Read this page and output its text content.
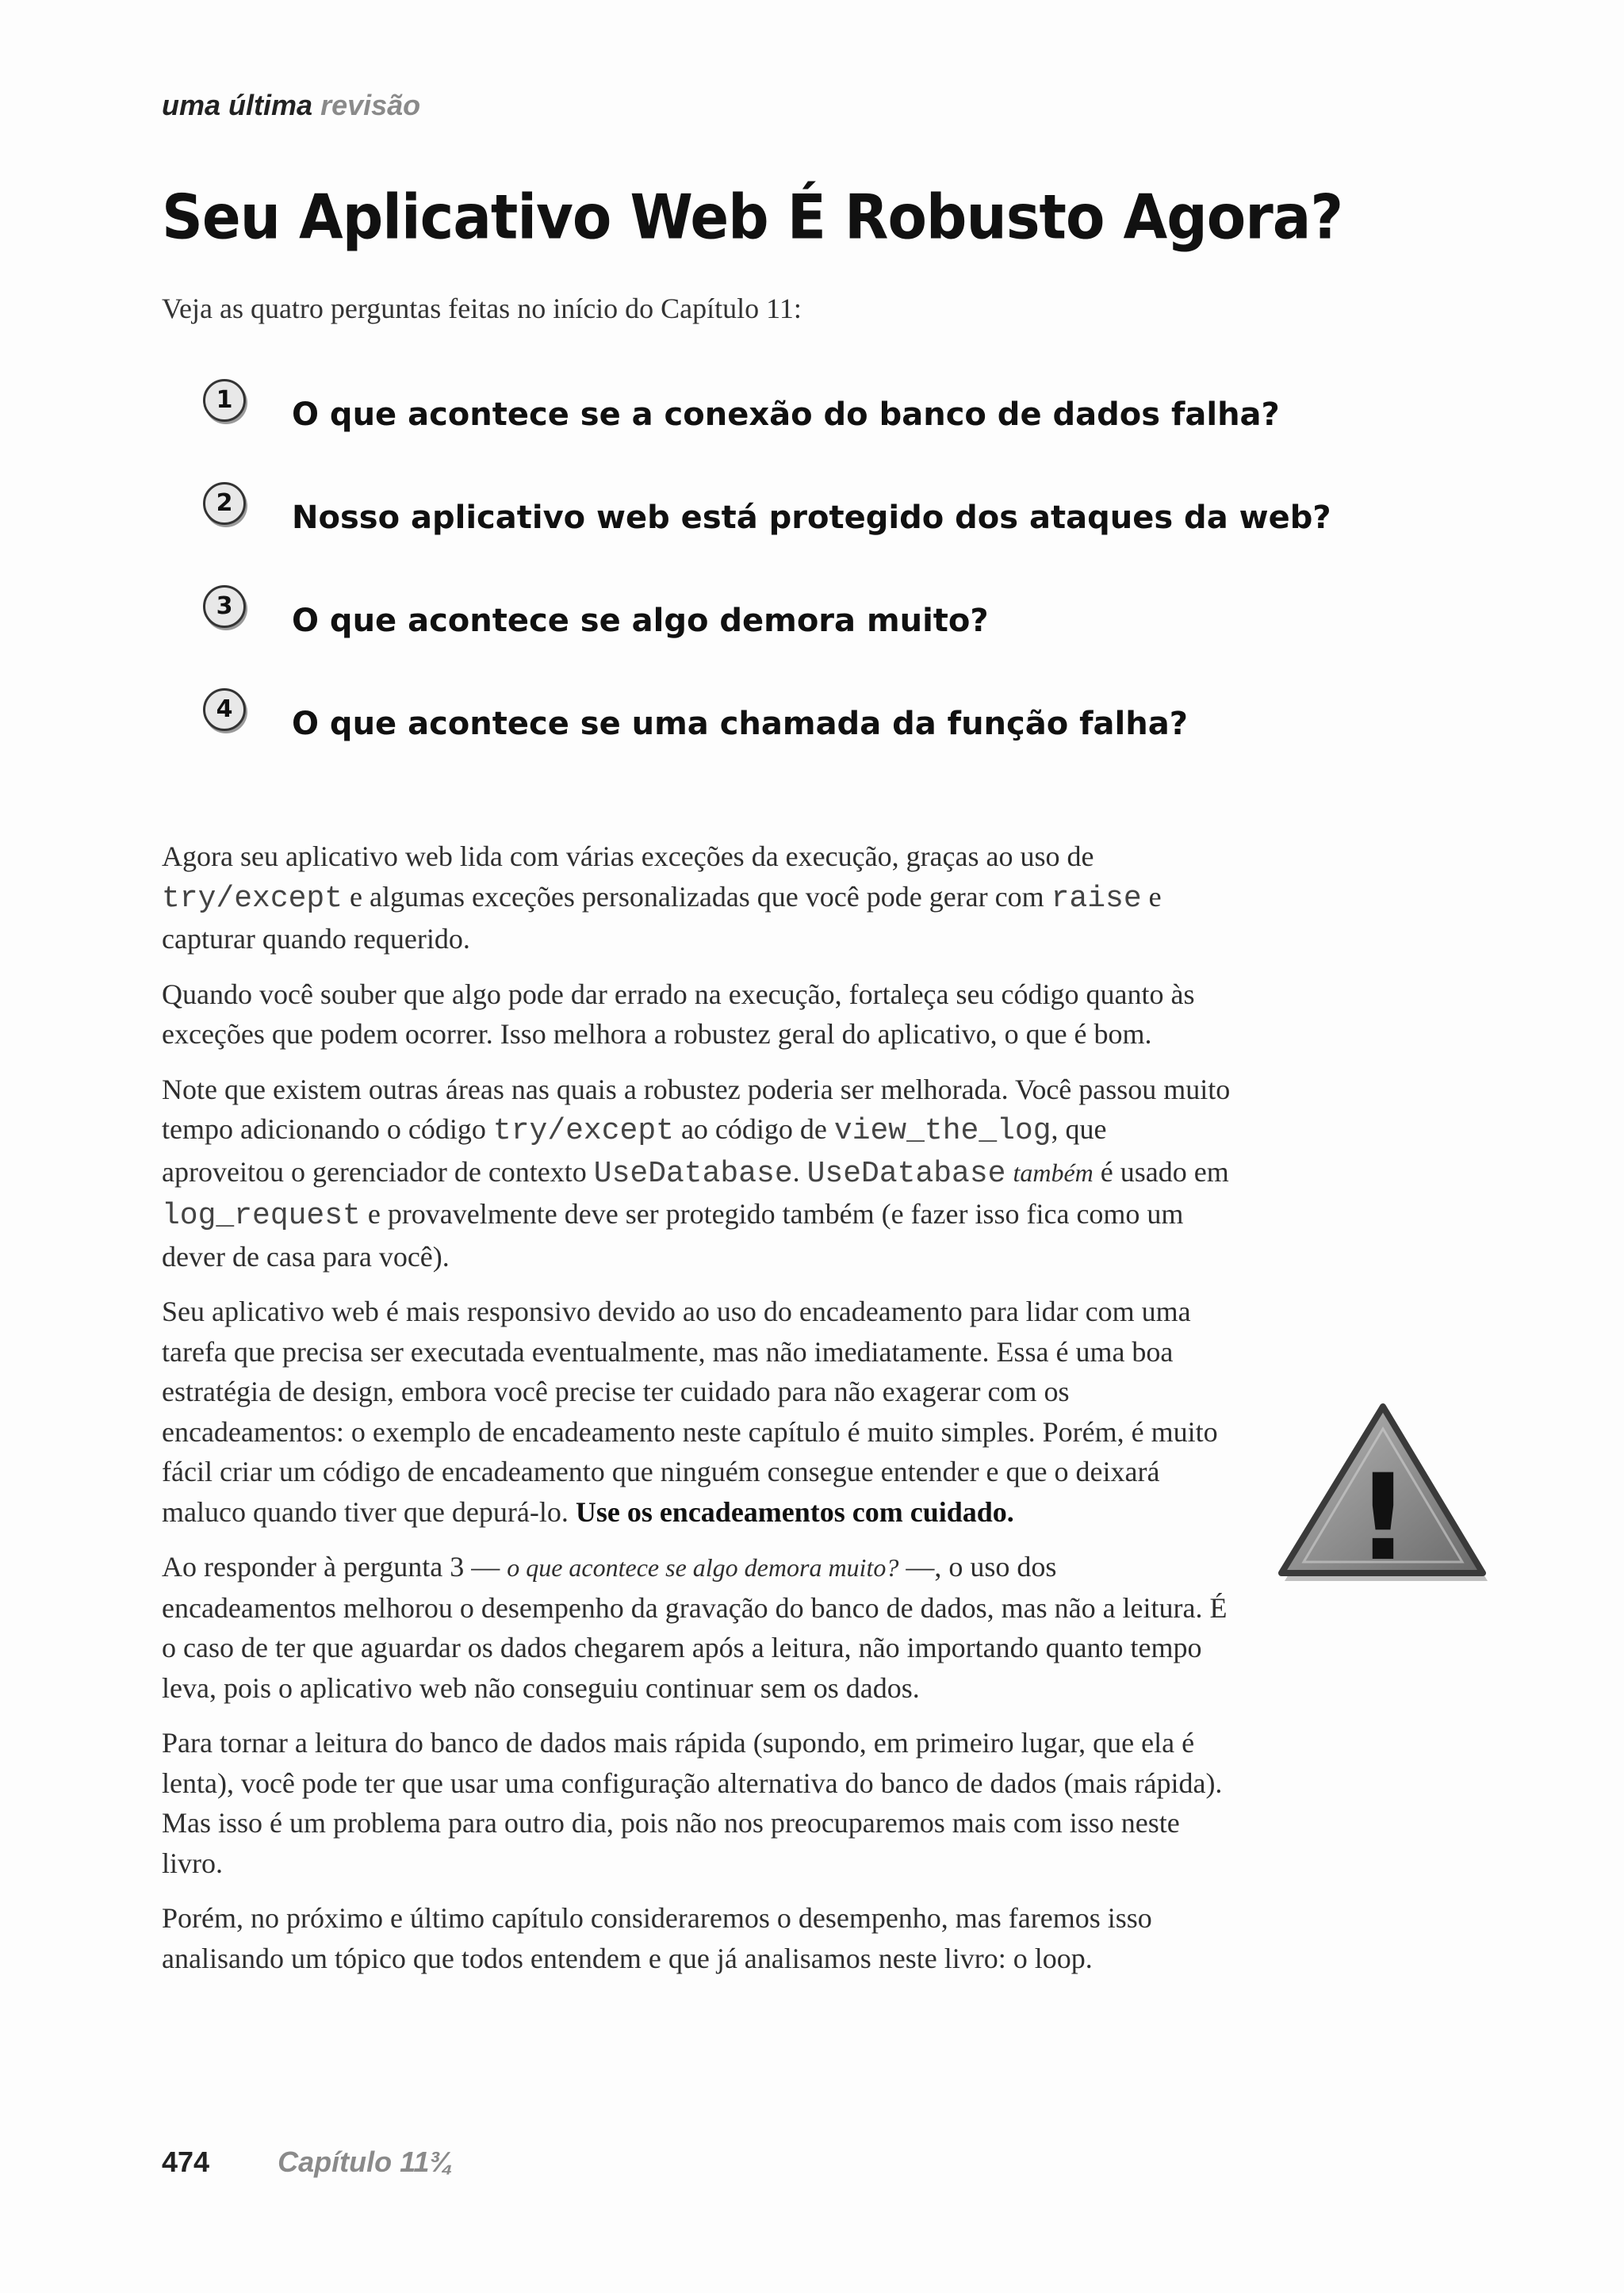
uma última revisão
Seu Aplicativo Web É Robusto Agora?
Veja as quatro perguntas feitas no início do Capítulo 11:
1	O que acontece se a conexão do banco de dados falha?
2	Nosso aplicativo web está protegido dos ataques da web?
3	O que acontece se algo demora muito?
4	O que acontece se uma chamada da função falha?

Agora seu aplicativo web lida com várias exceções da execução, graças ao uso de try/except e algumas exceções personalizadas que você pode gerar com raise e capturar quando requerido.

Quando você souber que algo pode dar errado na execução, fortaleça seu código quanto às exceções que podem ocorrer. Isso melhora a robustez geral do aplicativo, o que é bom.

Note que existem outras áreas nas quais a robustez poderia ser melhorada. Você passou muito tempo adicionando o código try/except ao código de view_the_log, que aproveitou o gerenciador de contexto UseDatabase. UseDatabase também é usado em log_request e provavelmente deve ser protegido também (e fazer isso fica como um dever de casa para você).

Seu aplicativo web é mais responsivo devido ao uso do encadeamento para lidar com uma tarefa que precisa ser executada eventualmente, mas não imediatamente. Essa é uma boa estratégia de design, embora você precise ter cuidado para não exagerar com os encadeamentos: o exemplo de encadeamento neste capítulo é muito simples. Porém, é muito fácil criar um código de encadeamento que ninguém consegue entender e que o deixará maluco quando tiver que depurá-lo. Use os encadeamentos com cuidado.

Ao responder à pergunta 3 — o que acontece se algo demora muito? —, o uso dos encadeamentos melhorou o desempenho da gravação do banco de dados, mas não a leitura. É o caso de ter que aguardar os dados chegarem após a leitura, não importando quanto tempo leva, pois o aplicativo web não conseguiu continuar sem os dados.

Para tornar a leitura do banco de dados mais rápida (supondo, em primeiro lugar, que ela é lenta), você pode ter que usar uma configuração alternativa do banco de dados (mais rápida). Mas isso é um problema para outro dia, pois não nos preocuparemos mais com isso neste livro.

Porém, no próximo e último capítulo consideraremos o desempenho, mas faremos isso analisando um tópico que todos entendem e que já analisamos neste livro: o loop.

!
474 Capítulo 11¾
